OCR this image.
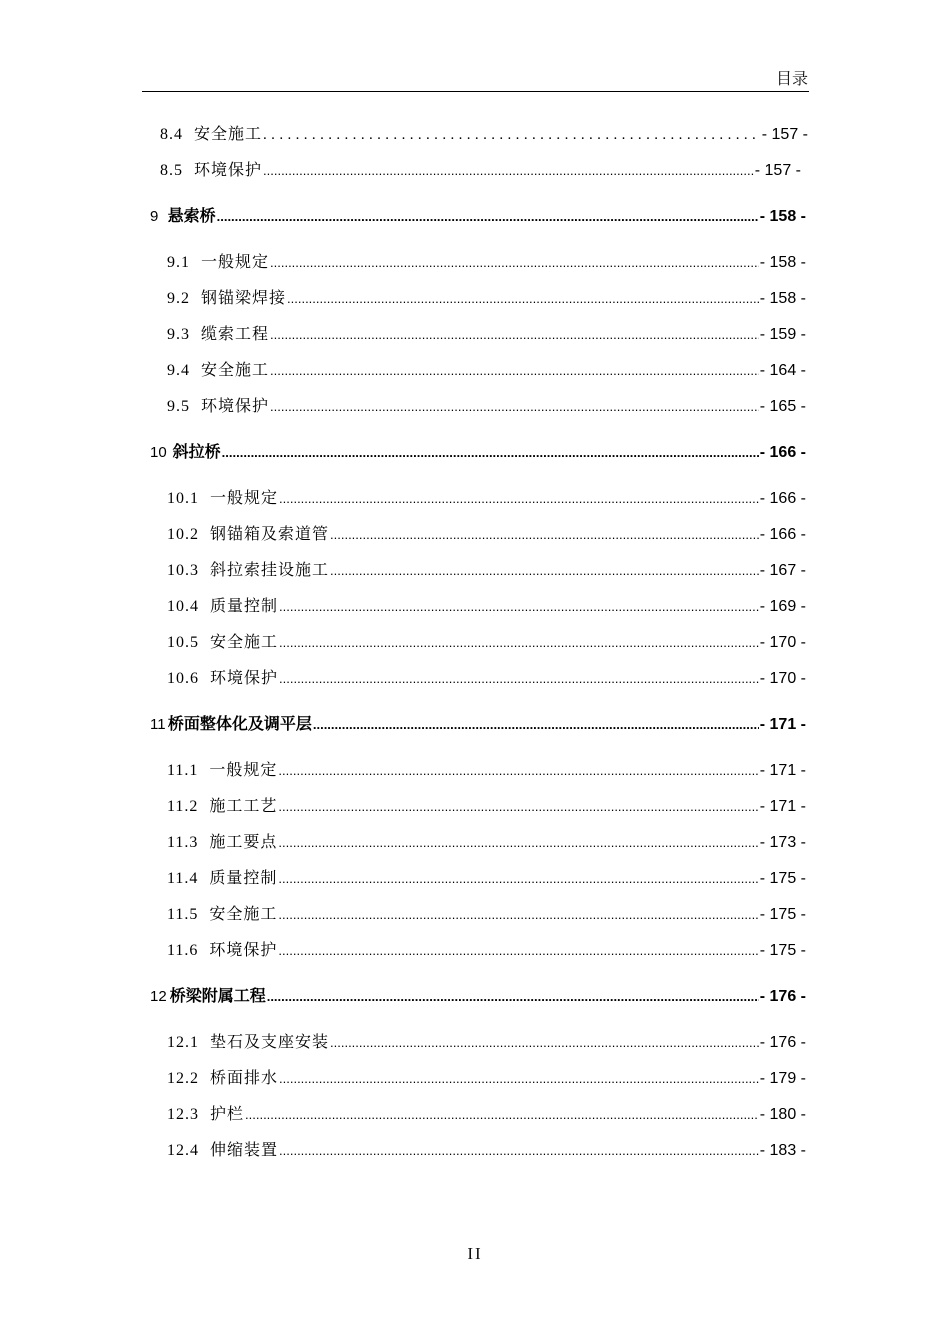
目录
8.4 安全施工 .....	- 157 -
8.5 环境保护 .....	- 157 -
9 悬索桥 .....	- 158 -
9.1 一般规定 .....	- 158 -
9.2 钢锚梁焊接 .....	- 158 -
9.3 缆索工程 .....	- 159 -
9.4 安全施工 .....	- 164 -
9.5 环境保护 .....	- 165 -
10 斜拉桥 .....	- 166 -
10.1 一般规定 .....	- 166 -
10.2 钢锚箱及索道管 .....	- 166 -
10.3 斜拉索挂设施工 .....	- 167 -
10.4 质量控制 .....	- 169 -
10.5 安全施工 .....	- 170 -
10.6 环境保护 .....	- 170 -
11 桥面整体化及调平层 .....	- 171 -
11.1 一般规定 .....	- 171 -
11.2 施工工艺 .....	- 171 -
11.3 施工要点 .....	- 173 -
11.4 质量控制 .....	- 175 -
11.5 安全施工 .....	- 175 -
11.6 环境保护 .....	- 175 -
12 桥梁附属工程 .....	- 176 -
12.1 垫石及支座安装 .....	- 176 -
12.2 桥面排水 .....	- 179 -
12.3 护栏 .....	- 180 -
12.4 伸缩装置 .....	- 183 -
II
